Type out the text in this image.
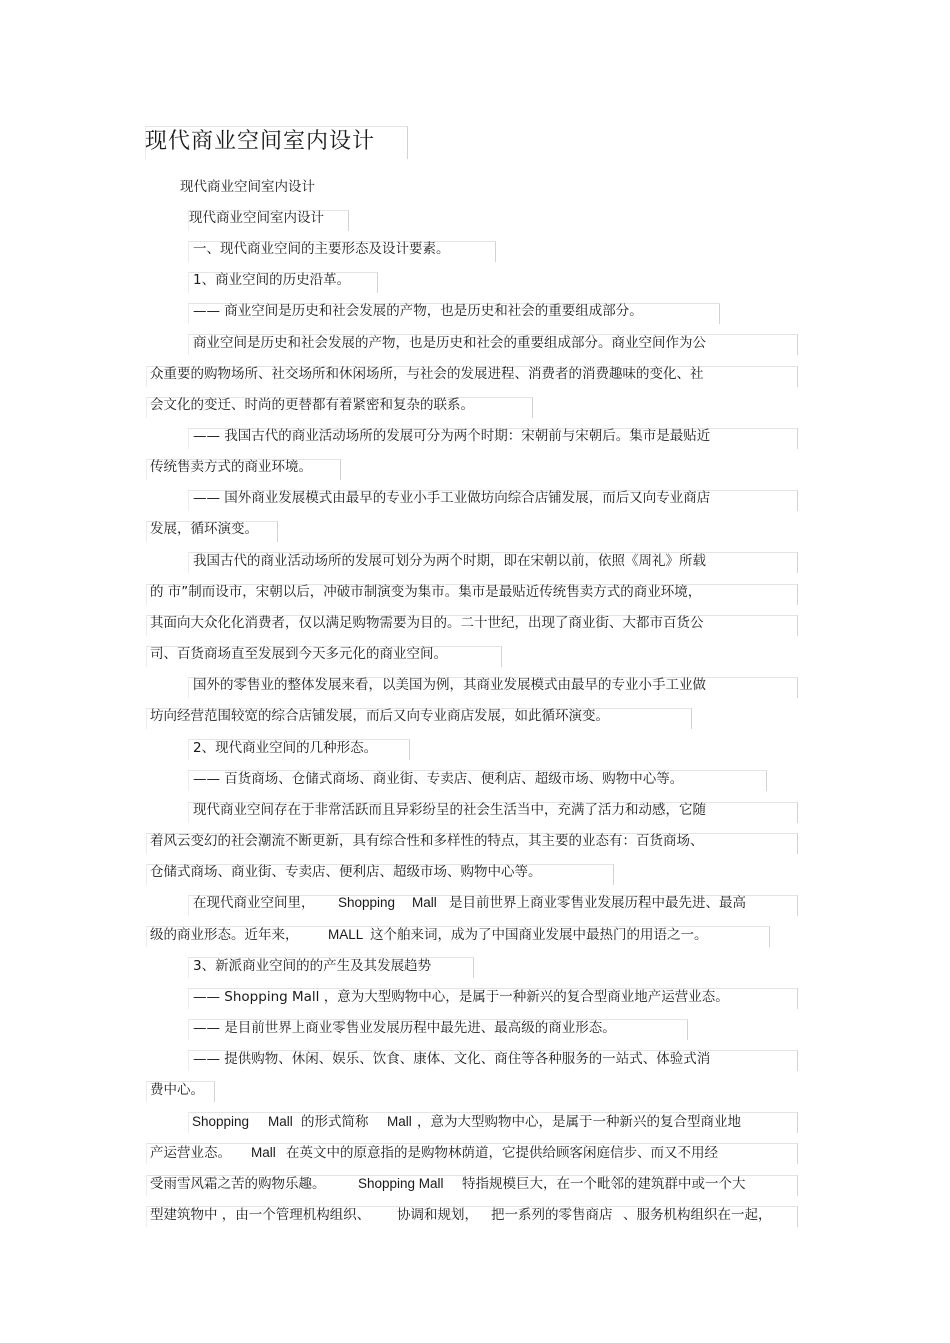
现代商业空间室内设计
现代商业空间室内设计
现代商业空间室内设计
一、现代商业空间的主要形态及设计要素。
1、商业空间的历史沿革。
—— 商业空间是历史和社会发展的产物，也是历史和社会的重要组成部分。
商业空间是历史和社会发展的产物，也是历史和社会的重要组成部分。商业空间作为公
众重要的购物场所、社交场所和休闲场所，与社会的发展进程、消费者的消费趣味的变化、社
会文化的变迁、时尚的更替都有着紧密和复杂的联系。
—— 我国古代的商业活动场所的发展可分为两个时期：宋朝前与宋朝后。集市是最贴近
传统售卖方式的商业环境。
—— 国外商业发展模式由最早的专业小手工业做坊向综合店铺发展，而后又向专业商店
发展，循环演变。
我国古代的商业活动场所的发展可划分为两个时期，即在宋朝以前，依照《周礼》所载
的 市”制而设市，宋朝以后，冲破市制演变为集市。集市是最贴近传统售卖方式的商业环境，
其面向大众化化消费者，仅以满足购物需要为目的。二十世纪，出现了商业街、大都市百货公
司、百货商场直至发展到今天多元化的商业空间。
国外的零售业的整体发展来看，以美国为例，其商业发展模式由最早的专业小手工业做
坊向经营范围较宽的综合店铺发展，而后又向专业商店发展，如此循环演变。
2、现代商业空间的几种形态。
—— 百货商场、仓储式商场、商业街、专卖店、便利店、超级市场、购物中心等。
现代商业空间存在于非常活跃而且异彩纷呈的社会生活当中，充满了活力和动感，它随
着风云变幻的社会潮流不断更新，具有综合性和多样性的特点，其主要的业态有：百货商场、
仓储式商场、商业街、专卖店、便利店、超级市场、购物中心等。
在现代商业空间里， Shopping Mall 是目前世界上商业零售业发展历程中最先进、最高
级的商业形态。近年来， MALL 这个舶来词，成为了中国商业发展中最热门的用语之一。
3、新派商业空间的的产生及其发展趋势
—— Shopping Mall ，意为大型购物中心，是属于一种新兴的复合型商业地产运营业态。
—— 是目前世界上商业零售业发展历程中最先进、最高级的商业形态。
—— 提供购物、休闲、娱乐、饮食、康体、文化、商住等各种服务的一站式、体验式消
费中心。
Shopping Mall 的形式简称 Mall ，意为大型购物中心，是属于一种新兴的复合型商业地
产运营业态。 Mall 在英文中的原意指的是购物林荫道，它提供给顾客闲庭信步、而又不用经
受雨雪风霜之苦的购物乐趣。 Shopping Mall 特指规模巨大，在一个毗邻的建筑群中或一个大
型建筑物中 ，由一个管理机构组织、 协调和规划， 把一系列的零售商店 、服务机构组织在一起，
